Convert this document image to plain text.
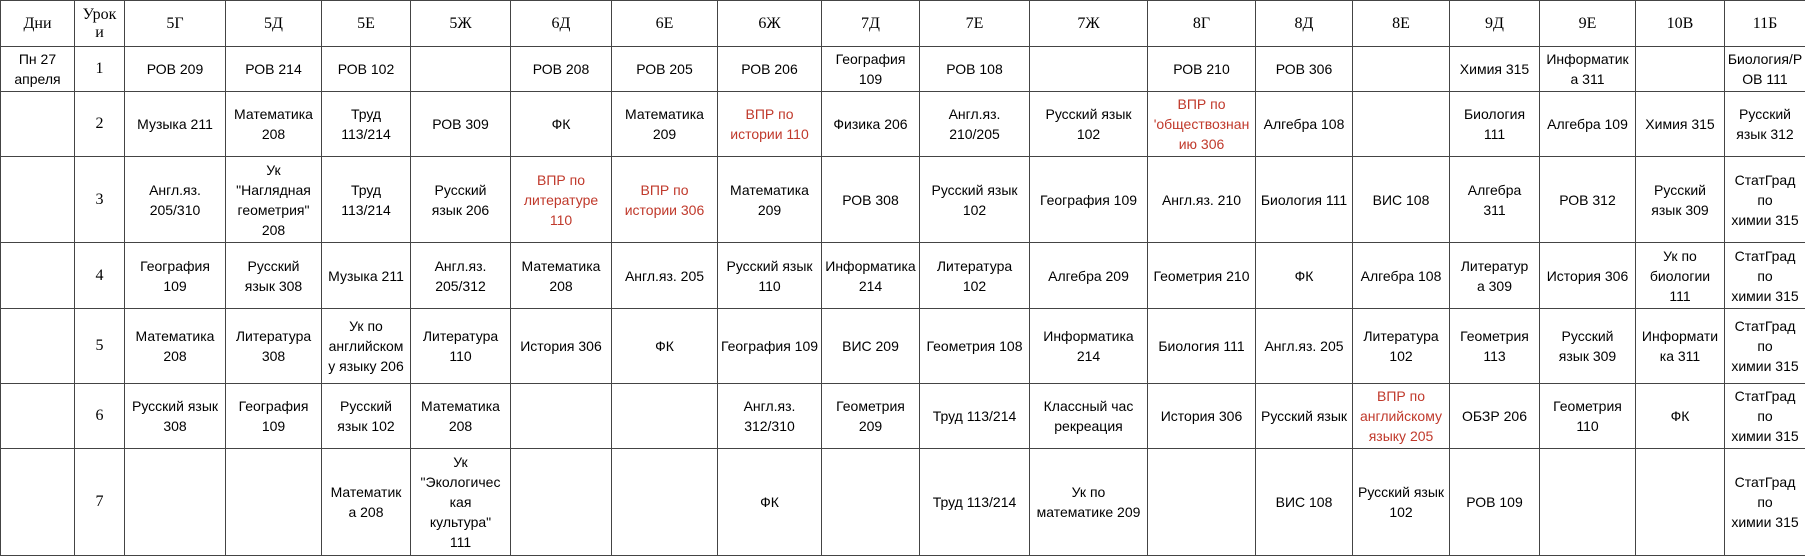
Дни	Урок
и	5Г	5Д	5Е	5Ж	6Д	6Е	6Ж	7Д	7Е	7Ж	8Г	8Д	8Е	9Д	9Е	10В	11Б
Пн 27
апреля	1	РОВ 209	РОВ 214	РОВ 102		РОВ 208	РОВ 205	РОВ 206	География
109	РОВ 108		РОВ 210	РОВ 306		Химия 315	Информатик
а 311		Биология/Р
ОВ 111
	2	Музыка 211	Математика
208	Труд
113/214	РОВ 309	ФК	Математика
209	ВПР по
истории 110	Физика 206	Англ.яз.
210/205	Русский язык
102	ВПР по
'обществознан
ию 306	Алгебра 108		Биология
111	Алгебра 109	Химия 315	Русский
язык 312
	3	Англ.яз.
205/310	Ук
"Наглядная
геометрия"
208	Труд
113/214	Русский
язык 206	ВПР по
литературе
110	ВПР по
истории 306	Математика
209	РОВ 308	Русский язык
102	География 109	Англ.яз. 210	Биология 111	ВИС 108	Алгебра
311	РОВ 312	Русский
язык 309	СтатГрад по
химии 315
	4	География
109	Русский
язык 308	Музыка 211	Англ.яз.
205/312	Математика
208	Англ.яз. 205	Русский язык
110	Информатика
214	Литература
102	Алгебра 209	Геометрия 210	ФК	Алгебра 108	Литератур
а 309	История 306	Ук по
биологии
111	СтатГрад по
химии 315
	5	Математика
208	Литература
308	Ук по
английском
у языку 206	Литература
110	История 306	ФК	География 109	ВИС 209	Геометрия 108	Информатика
214	Биология 111	Англ.яз. 205	Литература
102	Геометрия
113	Русский
язык 309	Информати
ка 311	СтатГрад по
химии 315
	6	Русский язык
308	География
109	Русский
язык 102	Математика
208			Англ.яз.
312/310	Геометрия
209	Труд 113/214	Классный час
рекреация	История 306	Русский язык	ВПР по
английскому
языку 205	ОБЗР 206	Геометрия
110	ФК	СтатГрад по
химии 315
	7			Математик
а 208	Ук
"Экологичес
кая
культура"
111			ФК		Труд 113/214	Ук по
математике 209		ВИС 108	Русский язык
102	РОВ 109			СтатГрад по
химии 315
